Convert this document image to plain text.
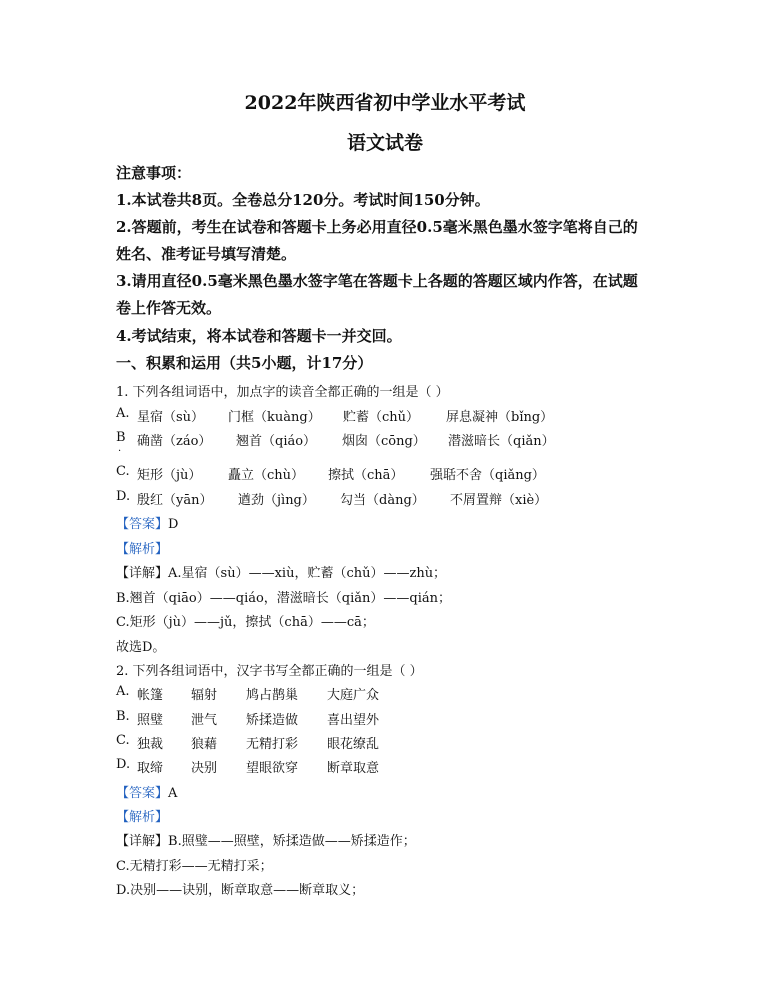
2022年陕西省初中学业水平考试
语文试卷
注意事项：
1.本试卷共8页。全卷总分120分。考试时间150分钟。
2.答题前，考生在试卷和答题卡上务必用直径0.5毫米黑色墨水签字笔将自己的
姓名、准考证号填写清楚。
3.请用直径0.5毫米黑色墨水签字笔在答题卡上各题的答题区域内作答，在试题
卷上作答无效。
4.考试结束，将本试卷和答题卡一并交回。
一、积累和运用（共5小题，计17分）
1. 下列各组词语中，加点字的读音全都正确的一组是（ ）
A. 星宿（sù） 门框（kuàng） 贮蓄（chǔ） 屏息凝神（bǐng）
B
·
确凿（záo） 翘首（qiáo） 烟囱（cōng） 潜滋暗长（qiǎn）
C. 矩形（jù） 矗立（chù） 擦拭（chā） 强聒不舍（qiǎng）
D. 殷红（yān） 遒劲（jìng） 勾当（dàng） 不屑置辩（xiè）
【答案】D
【解析】
【详解】A.星宿（sù）——xiù，贮蓄（chǔ）——zhù；
B.翘首（qiāo）——qiáo，潜滋暗长（qiǎn）——qián；
C.矩形（jù）——jǔ，擦拭（chā）——cā；
故选D。
2. 下列各组词语中，汉字书写全都正确的一组是（ ）
A. 帐篷 辐射 鸠占鹊巢 大庭广众
B. 照璧 泄气 矫揉造做 喜出望外
C. 独裁 狼藉 无精打彩 眼花缭乱
D. 取缔 决别 望眼欲穿 断章取意
【答案】A
【解析】
【详解】B.照璧——照壁，矫揉造做——矫揉造作；
C.无精打彩——无精打采；
D.决别——诀别，断章取意——断章取义；
